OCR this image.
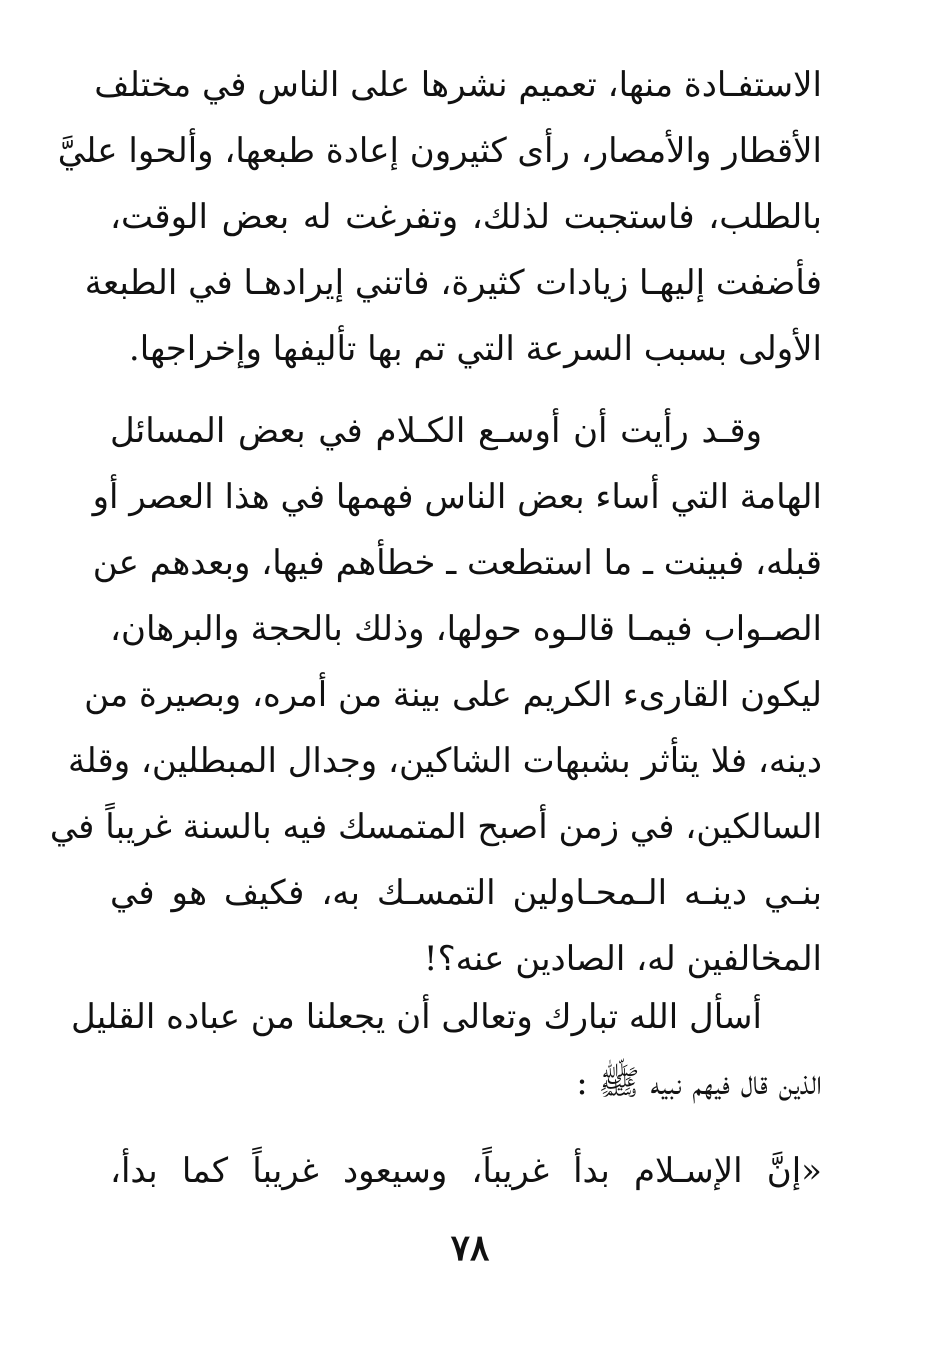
الاستفـادة منها، تعميم نشرها على الناس في مختلف
الأقطار والأمصار، رأى كثيرون إعادة طبعها، وألحوا عليَّ
بالطلب، فاستجبت لذلك، وتفرغت له بعض الوقت،
فأضفت إليهـا زيادات كثيرة، فاتني إيرادهـا في الطبعة
الأولى بسبب السرعة التي تم بها تأليفها وإخراجها.
وقـد رأيت أن أوسـع الكـلام في بعض المسائل
الهامة التي أساء بعض الناس فهمها في هذا العصر أو
قبله، فبينت ـ ما استطعت ـ خطأهم فيها، وبعدهم عن
الصـواب فيمـا قالـوه حولها، وذلك بالحجة والبرهان،
ليكون القارىء الكريم على بينة من أمره، وبصيرة من
دينه، فلا يتأثر بشبهات الشاكين، وجدال المبطلين، وقلة
السالكين، في زمن أصبح المتمسك فيه بالسنة غريباً في
بنـي دينـه الـمحـاولين التمسـك به، فكيف هو في
المخالفين له، الصادين عنه؟!
أسأل الله تبارك وتعالى أن يجعلنا من عباده القليل
الذين قال فيهم نبيه ﷺ :
«إنَّ الإسـلام بدأ غريباً، وسيعود غريباً كما بدأ،
٧٨
